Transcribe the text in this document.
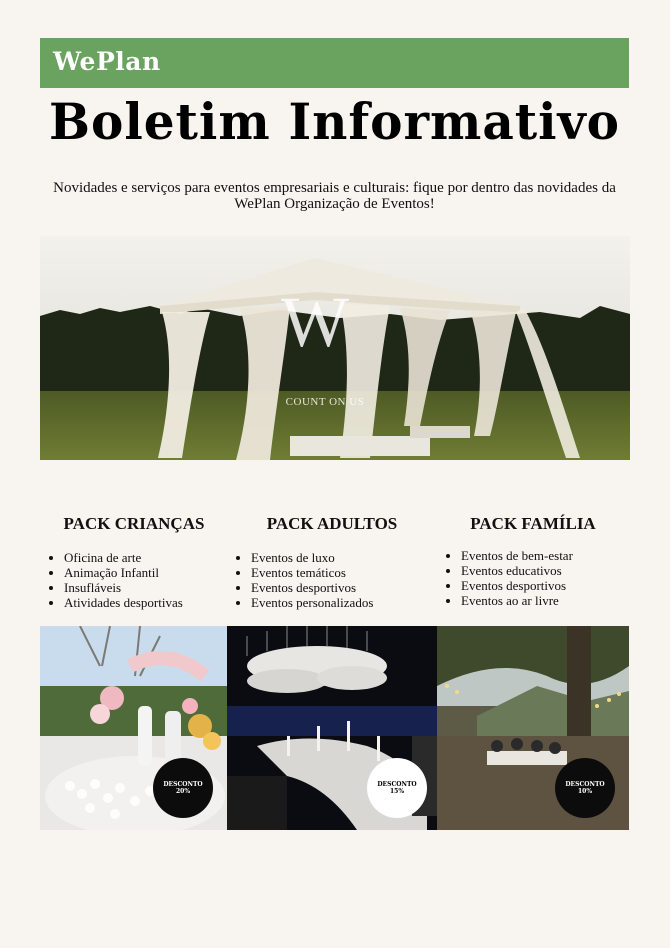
WePlan
Boletim Informativo
Novidades e serviços para eventos empresariais e culturais: fique por dentro das novidades da WePlan Organização de Eventos!
W
COUNT ON US
PACK CRIANÇAS	PACK ADULTOS	PACK FAMÍLIA
• Oficina de arte
• Animação Infantil
• Insufláveis
• Atividades desportivas
• Eventos de luxo
• Eventos temáticos
• Eventos desportivos
• Eventos personalizados
• Eventos de bem-estar
• Eventos educativos
• Eventos desportivos
• Eventos ao ar livre
DESCONTO
20%
DESCONTO
15%
DESCONTO
10%
